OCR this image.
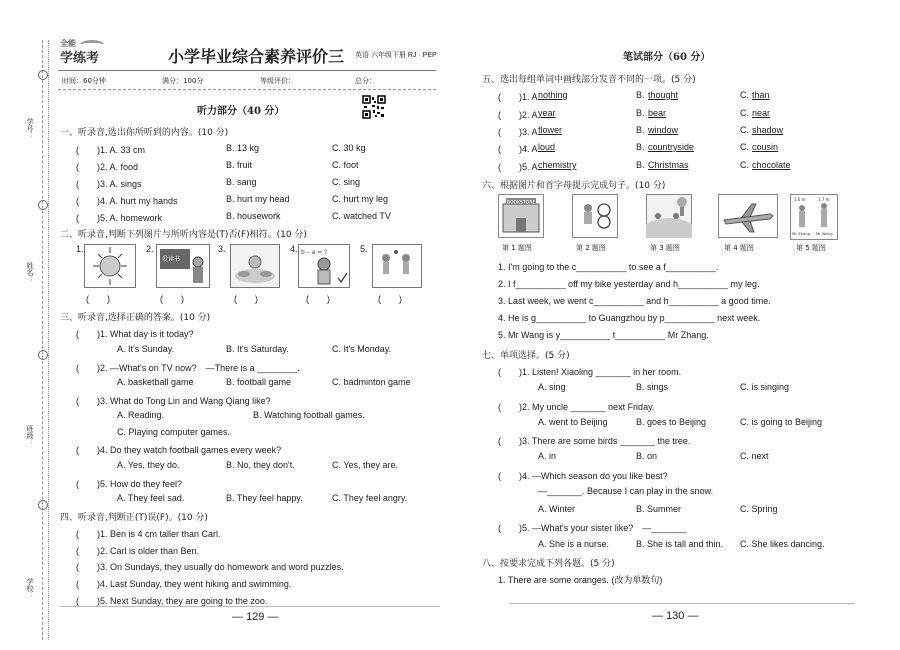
学号：
姓名：
班级：
学校：
全能
学练考	小学毕业综合素养评价三 英语 六年级下册 RJ · PEP
时间：60分钟	满分：100分	等级评价：	总分：
听力部分（40 分）
一、听录音,选出你所听到的内容。(10 分)
(　　)1. A. 33 cm	B. 13 kg	C. 30 kg
(　　)2. A. food	B. fruit	C. foot
(　　)3. A. sings	B. sang	C. sing
(　　)4. A. hurt my hands	B. hurt my head	C. hurt my leg
(　　)5. A. homework	B. housework	C. watched TV
二、听录音,判断下列图片与所听内容是(T)否(F)相符。(10 分)
1.	2.	3.	4.	5.
爱读书
b – a = ?
(　　)	(　　)	(　　)	(　　)	(　　)
三、听录音,选择正确的答案。(10 分)
(　　)1. What day is it today?
A. It's Sunday.	B. It's Saturday.	C. It's Monday.
(　　)2. —What's on TV now?　—There is a ________.
A. basketball game	B. football game	C. badminton game
(　　)3. What do Tong Lin and Wang Qiang like?
A. Reading.	B. Watching football games.
C. Playing computer games.
(　　)4. Do they watch football games every week?
A. Yes, they do.	B. No, they don't.	C. Yes, they are.
(　　)5. How do they feel?
A. They feel sad.	B. They feel happy.	C. They feel angry.
四、听录音,判断正(T)误(F)。(10 分)
(　　)1. Ben is 4 cm taller than Carl.
(　　)2. Carl is older than Ben.
(　　)3. On Sundays, they usually do homework and word puzzles.
(　　)4. Last Sunday, they went hiking and swimming.
(　　)5. Next Sunday, they are going to the zoo.
— 129 —
笔试部分（60 分）
五、选出每组单词中画线部分发音不同的一项。(5 分)
(　　)1. A.
nothing	B. thought	C. than
(　　)2. A.
year	B. bear	C. near
(　　)3. A.
flower	B. window	C. shadow
(　　)4. A.
loud	B. countryside	C. cousin
(　　)5. A.
chemistry	B. Christmas	C. chocolate
六、根据图片和首字母提示完成句子。(10 分)
BOOKSTORE
1.6 m	1.7 m
Mr Zhang Mr Wang
第 1 题图	第 2 题图	第 3 题图	第 4 题图	第 5 题图
1. I'm going to the c__________ to see a f__________.
2. I f__________ off my bike yesterday and h__________ my leg.
3. Last week, we went c__________ and h__________ a good time.
4. He is g__________ to Guangzhou by p__________ next week.
5. Mr Wang is y__________ t__________ Mr Zhang.
七、单项选择。(5 分)
(　　)1. Listen! Xiaoling _______ in her room.
A. sing	B. sings	C. is singing
(　　)2. My uncle _______ next Friday.
A. went to Beijing	B. goes to Beijing	C. is going to Beijing
(　　)3. There are some birds _______ the tree.
A. in	B. on	C. next
(　　)4. —Which season do you like best?
—_______. Because I can play in the snow.
A. Winter	B. Summer	C. Spring
(　　)5. —What's your sister like?　—_______
A. She is a nurse.	B. She is tall and thin. C. She likes dancing.
八、按要求完成下列各题。(5 分)
1. There are some oranges. (改为单数句)
— 130 —
